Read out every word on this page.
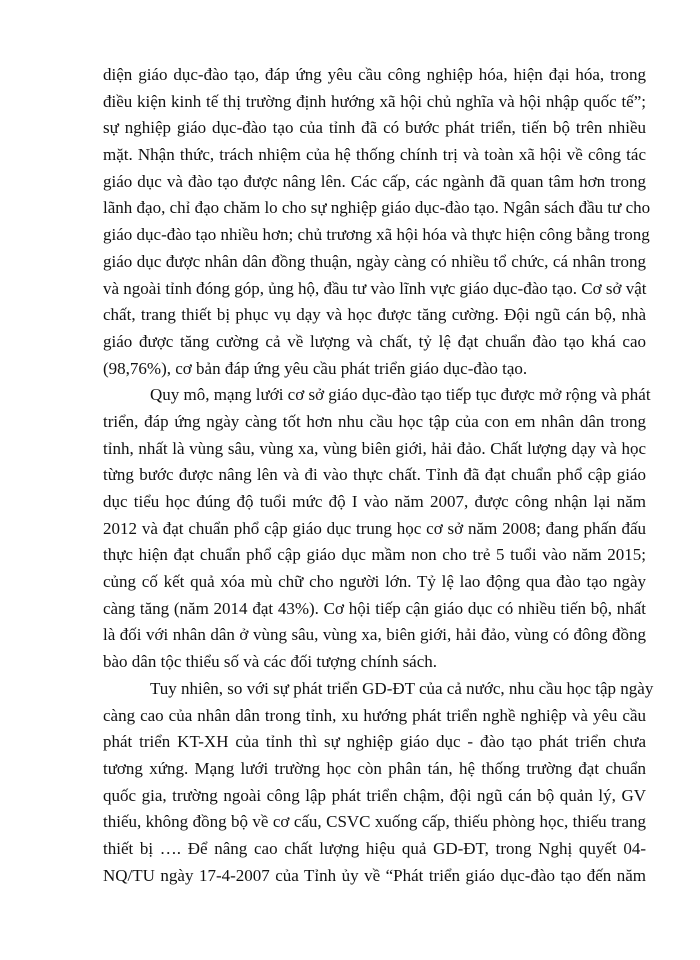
diện giáo dục-đào tạo, đáp ứng yêu cầu công nghiệp hóa, hiện đại hóa, trong
điều kiện kinh tế thị trường định hướng xã hội chủ nghĩa và hội nhập quốc tế”;
sự nghiệp giáo dục-đào tạo của tỉnh đã có bước phát triển, tiến bộ trên nhiều
mặt. Nhận thức, trách nhiệm của hệ thống chính trị và toàn xã hội về công tác
giáo dục và đào tạo được nâng lên. Các cấp, các ngành đã quan tâm hơn trong
lãnh đạo, chỉ đạo chăm lo cho sự nghiệp giáo dục-đào tạo. Ngân sách đầu tư cho
giáo dục-đào tạo nhiều hơn; chủ trương xã hội hóa và thực hiện công bằng trong
giáo dục được nhân dân đồng thuận, ngày càng có nhiều tổ chức, cá nhân trong
và ngoài tỉnh đóng góp, ủng hộ, đầu tư vào lĩnh vực giáo dục-đào tạo. Cơ sở vật
chất, trang thiết bị phục vụ dạy và học được tăng cường. Đội ngũ cán bộ, nhà
giáo được tăng cường cả về lượng và chất, tỷ lệ đạt chuẩn đào tạo khá cao
(98,76%), cơ bản đáp ứng yêu cầu phát triển giáo dục-đào tạo.
Quy mô, mạng lưới cơ sở giáo dục-đào tạo tiếp tục được mở rộng và phát
triển, đáp ứng ngày càng tốt hơn nhu cầu học tập của con em nhân dân trong
tỉnh, nhất là vùng sâu, vùng xa, vùng biên giới, hải đảo. Chất lượng dạy và học
từng bước được nâng lên và đi vào thực chất. Tỉnh đã đạt chuẩn phổ cập giáo
dục tiểu học đúng độ tuổi mức độ I vào năm 2007, được công nhận lại năm
2012 và đạt chuẩn phổ cập giáo dục trung học cơ sở năm 2008; đang phấn đấu
thực hiện đạt chuẩn phổ cập giáo dục mầm non cho trẻ 5 tuổi vào năm 2015;
củng cố kết quả xóa mù chữ cho người lớn. Tỷ lệ lao động qua đào tạo ngày
càng tăng (năm 2014 đạt 43%). Cơ hội tiếp cận giáo dục có nhiều tiến bộ, nhất
là đối với nhân dân ở vùng sâu, vùng xa, biên giới, hải đảo, vùng có đông đồng
bào dân tộc thiểu số và các đối tượng chính sách.
Tuy nhiên, so với sự phát triển GD-ĐT của cả nước, nhu cầu học tập ngày
càng cao của nhân dân trong tỉnh, xu hướng phát triển nghề nghiệp và yêu cầu
phát triển KT-XH của tỉnh thì sự nghiệp giáo dục - đào tạo phát triển chưa
tương xứng. Mạng lưới trường học còn phân tán, hệ thống trường đạt chuẩn
quốc gia, trường ngoài công lập phát triển chậm, đội ngũ cán bộ quản lý, GV
thiếu, không đồng bộ về cơ cấu, CSVC xuống cấp, thiếu phòng học, thiếu trang
thiết bị …. Để nâng cao chất lượng hiệu quả GD-ĐT, trong Nghị quyết 04-
NQ/TU ngày 17-4-2007 của Tỉnh ủy về “Phát triển giáo dục-đào tạo đến năm
